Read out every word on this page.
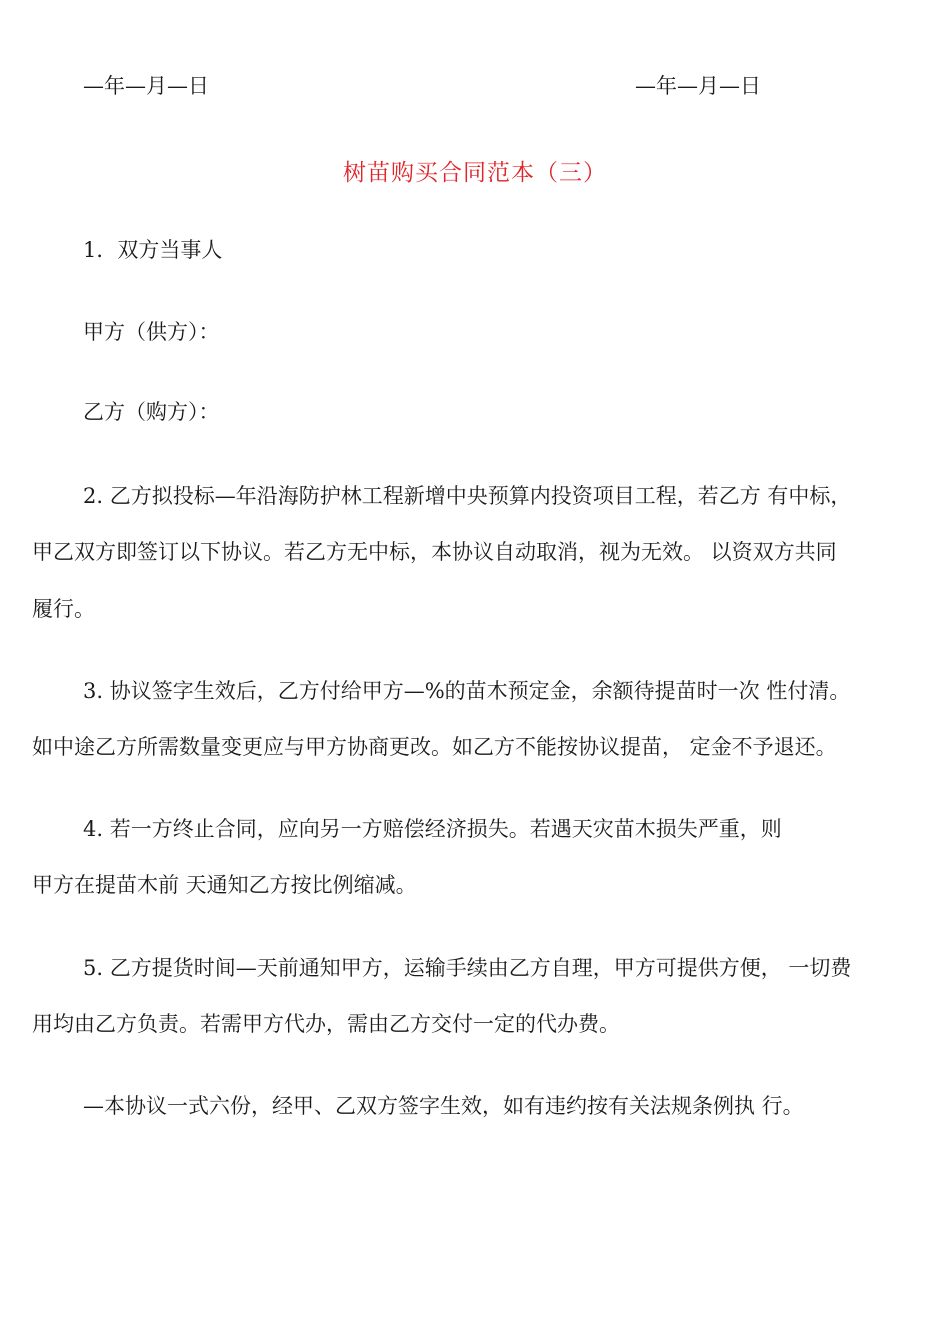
—年—月—日	—年—月—日
树苗购买合同范本（三）
1．双方当事人
甲方（供方）：
乙方（购方）：
2. 乙方拟投标—年沿海防护林工程新增中央预算内投资项目工程，若乙方 有中标，
甲乙双方即签订以下协议。若乙方无中标，本协议自动取消，视为无效。 以资双方共同
履行。
3. 协议签字生效后，乙方付给甲方—%的苗木预定金，余额待提苗时一次 性付清。
如中途乙方所需数量变更应与甲方协商更改。如乙方不能按协议提苗， 定金不予退还。
4. 若一方终止合同，应向另一方赔偿经济损失。若遇天灾苗木损失严重，则
甲方在提苗木前 天通知乙方按比例缩减。
5. 乙方提货时间—天前通知甲方，运输手续由乙方自理，甲方可提供方便， 一切费
用均由乙方负责。若需甲方代办，需由乙方交付一定的代办费。
—本协议一式六份，经甲、乙双方签字生效，如有违约按有关法规条例执 行。
